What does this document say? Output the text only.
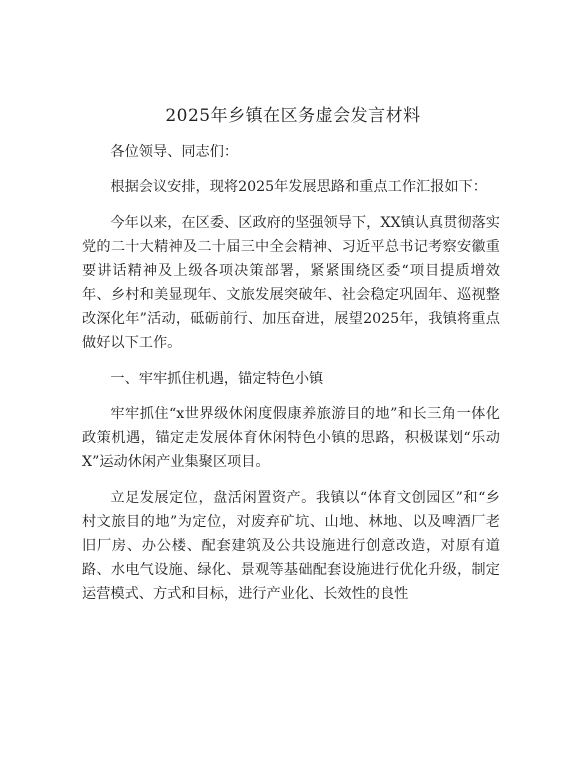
2025年乡镇在区务虚会发言材料

各位领导、同志们：

根据会议安排，现将2025年发展思路和重点工作汇报如下：

今年以来，在区委、区政府的坚强领导下，XX镇认真贯彻落实党的二十大精神及二十届三中全会精神、习近平总书记考察安徽重要讲话精神及上级各项决策部署，紧紧围绕区委“项目提质增效年、乡村和美显现年、文旅发展突破年、社会稳定巩固年、巡视整改深化年”活动，砥砺前行、加压奋进，展望2025年，我镇将重点做好以下工作。

一、牢牢抓住机遇，锚定特色小镇

牢牢抓住“x世界级休闲度假康养旅游目的地”和长三角一体化政策机遇，锚定走发展体育休闲特色小镇的思路，积极谋划“乐动X”运动休闲产业集聚区项目。

立足发展定位，盘活闲置资产。我镇以“体育文创园区”和“乡村文旅目的地”为定位，对废弃矿坑、山地、林地、以及啤酒厂老旧厂房、办公楼、配套建筑及公共设施进行创意改造，对原有道路、水电气设施、绿化、景观等基础配套设施进行优化升级，制定运营模式、方式和目标，进行产业化、长效性的良性
